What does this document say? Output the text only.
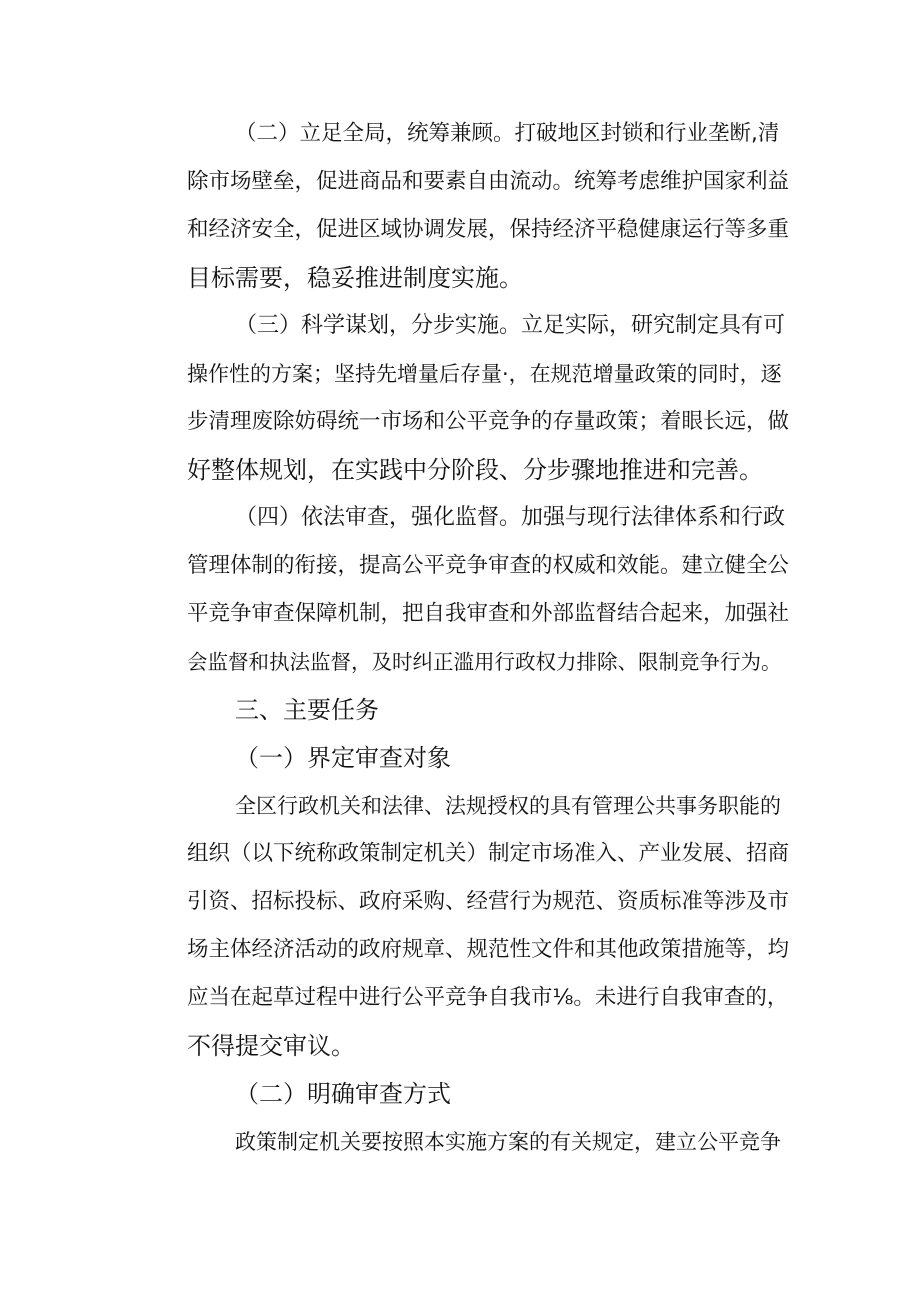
（二）立足全局，统筹兼顾。打破地区封锁和行业垄断,清
除市场壁垒，促进商品和要素自由流动。统筹考虑维护国家利益
和经济安全，促进区域协调发展，保持经济平稳健康运行等多重
目标需要，稳妥推进制度实施。

（三）科学谋划，分步实施。立足实际，研究制定具有可
操作性的方案；坚持先增量后存量·，在规范增量政策的同时，逐
步清理废除妨碍统一市场和公平竞争的存量政策；着眼长远，做
好整体规划，在实践中分阶段、分步骤地推进和完善。

（四）依法审查，强化监督。加强与现行法律体系和行政
管理体制的衔接，提高公平竞争审查的权威和效能。建立健全公
平竞争审查保障机制，把自我审查和外部监督结合起来，加强社
会监督和执法监督，及时纠正滥用行政权力排除、限制竞争行为。

三、主要任务

（一）界定审查对象

全区行政机关和法律、法规授权的具有管理公共事务职能的
组织（以下统称政策制定机关）制定市场准入、产业发展、招商
引资、招标投标、政府采购、经营行为规范、资质标准等涉及市
场主体经济活动的政府规章、规范性文件和其他政策措施等，均
应当在起草过程中进行公平竞争自我市⅛。未进行自我审查的，
不得提交审议。

（二）明确审查方式

政策制定机关要按照本实施方案的有关规定，建立公平竞争
